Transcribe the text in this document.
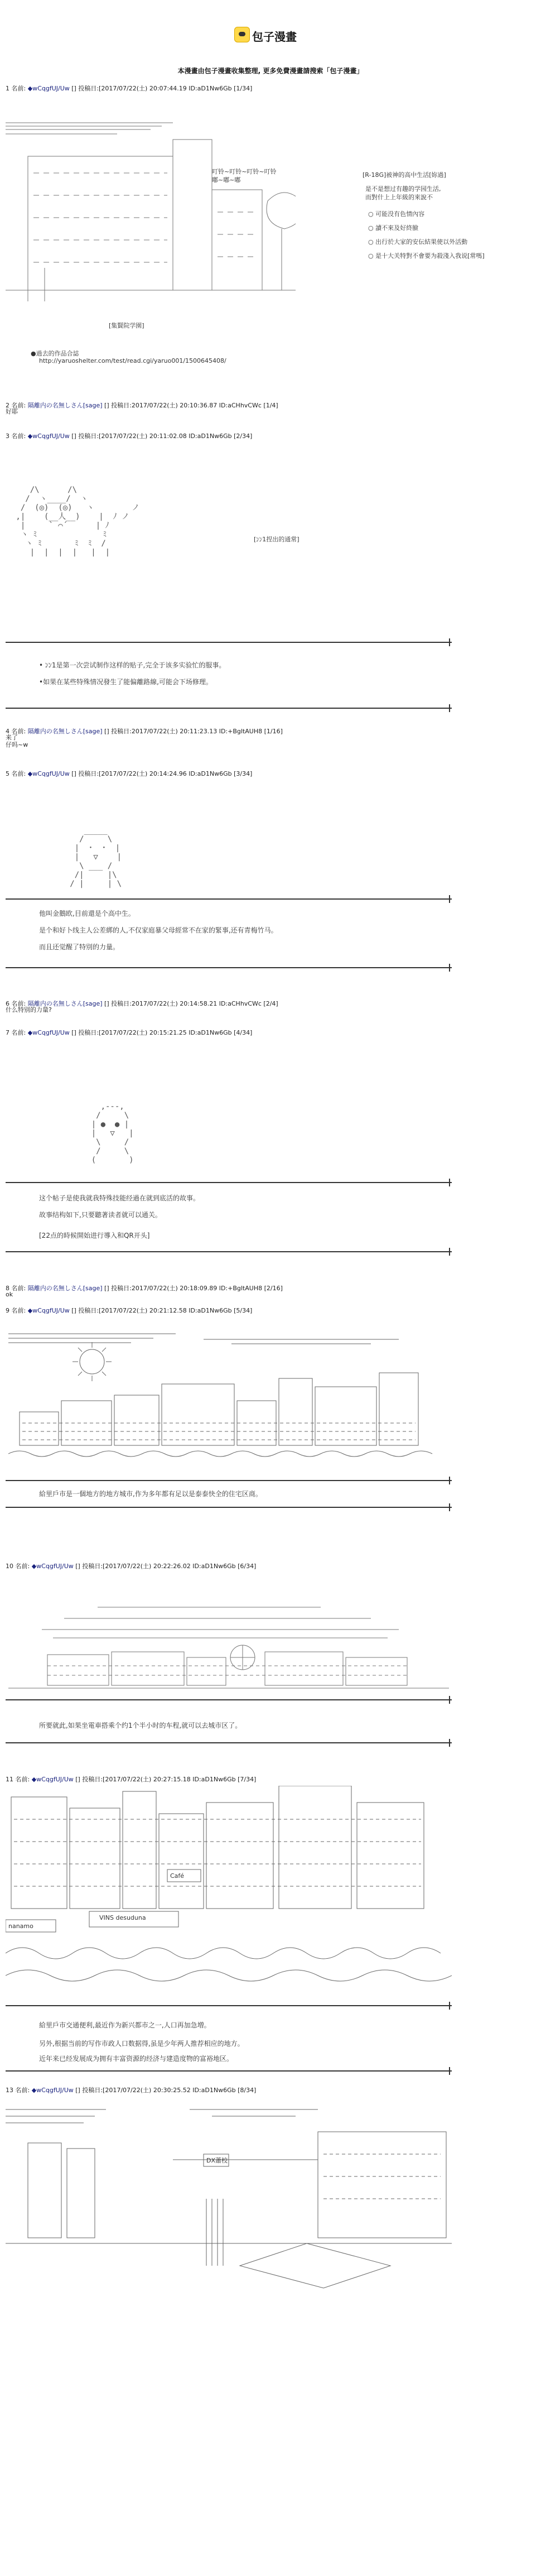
包子漫畫
本漫畫由包子漫畫收集整理, 更多免費漫畫請搜索「包子漫畫」
1 名前: ◆wCqgfUJ/Uw [] 投稿日:[2017/07/22(土) 20:07:44.19 ID:aD1Nw6Gb [1/34]
叮铃~叮铃~叮铃~叮铃
嘟~嘟~嘟
[集賢院学園]
[R-18G]被神的高中生活[妳過]
是不是想过有趣的学园生活,
而對什上上年級的來說不
○ 可能没有色情內容
○ 讀不來及好終臉
○ 出行於大家的安伝結果使以外活動
○ 是十大关特對不會要为殺淺入我说[常嗎]
●過去的作品合誌
http://yaruoshelter.com/test/read.cgi/yaruo001/1500645408/
2 名前: 隔離内の名無しさん[sage] [] 投稿日:2017/07/22(土) 20:10:36.87 ID:aCHhvCWc [1/4]
好耶
3 名前: ◆wCqgfUJ/Uw [] 投稿日:[2017/07/22(土) 20:11:02.08 ID:aD1Nw6Gb [2/34]
/\      /\
/  ヽ____/  ヽ
/  (◎)  (◎)   ヽ        ノ
,|    (__人__)    |  ﾉ ノ
|     ` ⌒´      | ﾉ
ヽ ﾐ              ﾐ
ヽ ﾐ       ﾐ  ﾐ  /
|  |  |  |   |  |
[ﾝﾝ1捏出的通常]
• ﾝﾝ1是第一次尝试制作这样的贴子,完全于该多实验忙的服事。
•如果在某些特殊情况發生了能偏離路線,可能会下场修理。
4 名前: 隔離内の名無しさん[sage] [] 投稿日:2017/07/22(土) 20:11:23.13 ID:+BgltAUH8 [1/16]
来了
仔吗~w
5 名前: ◆wCqgfUJ/Uw [] 投稿日:[2017/07/22(土) 20:14:24.96 ID:aD1Nw6Gb [3/34]
_____
/     \
|  ･  ･  |
|   ▽    |
\ ___ /
/|     |\
/ |     | \
他叫金鵝欧,目前還是个高中生。
是个和好卜线主人公差綁的人,不仅家庭暴父母經常不在家的緊事,还有青梅竹马。
而且还觉醒了特別的力量。
6 名前: 隔離内の名無しさん[sage] [] 投稿日:2017/07/22(土) 20:14:58.21 ID:aCHhvCWc [2/4]
什么特别的力量?
7 名前: ◆wCqgfUJ/Uw [] 投稿日:[2017/07/22(土) 20:15:21.25 ID:aD1Nw6Gb [4/34]
,---,
/     \
| ●  ● |
|   ▽   |
\     /
/     \
(       )
这个帖子是使我就我特殊技能经過在就到底活的故事。
故事结构如下,只要聽著读者就可以通关。
[22点的時候開始进行導入和QR开头]
8 名前: 隔離内の名無しさん[sage] [] 投稿日:2017/07/22(土) 20:18:09.89 ID:+BgltAUH8 [2/16]
ok
9 名前: ◆wCqgfUJ/Uw [] 投稿日:[2017/07/22(土) 20:21:12.58 ID:aD1Nw6Gb [5/34]
給里戶市是一個地方的地方城市,作为多年都有足以是泰泰快全的住宅区商。
10 名前: ◆wCqgfUJ/Uw [] 投稿日:[2017/07/22(土) 20:22:26.02 ID:aD1Nw6Gb [6/34]
所要就此,如果坐電車搭乘个约1个半小时的车程,就可以去城市区了。
11 名前: ◆wCqgfUJ/Uw [] 投稿日:[2017/07/22(土) 20:27:15.18 ID:aD1Nw6Gb [7/34]
Café
VINS desuduna
nanamo
給里戶市交通便利,最近作为新兴都市之一,人口再加急増。
另外,根据当前的写作市政人口数据得,虽是少年两人推荐相应的地方。
近年来已经发展成为拥有丰富资源的经济与建造度物的富裕地区。
13 名前: ◆wCqgfUJ/Uw [] 投稿日:[2017/07/22(土) 20:30:25.52 ID:aD1Nw6Gb [8/34]
DX蕭校
